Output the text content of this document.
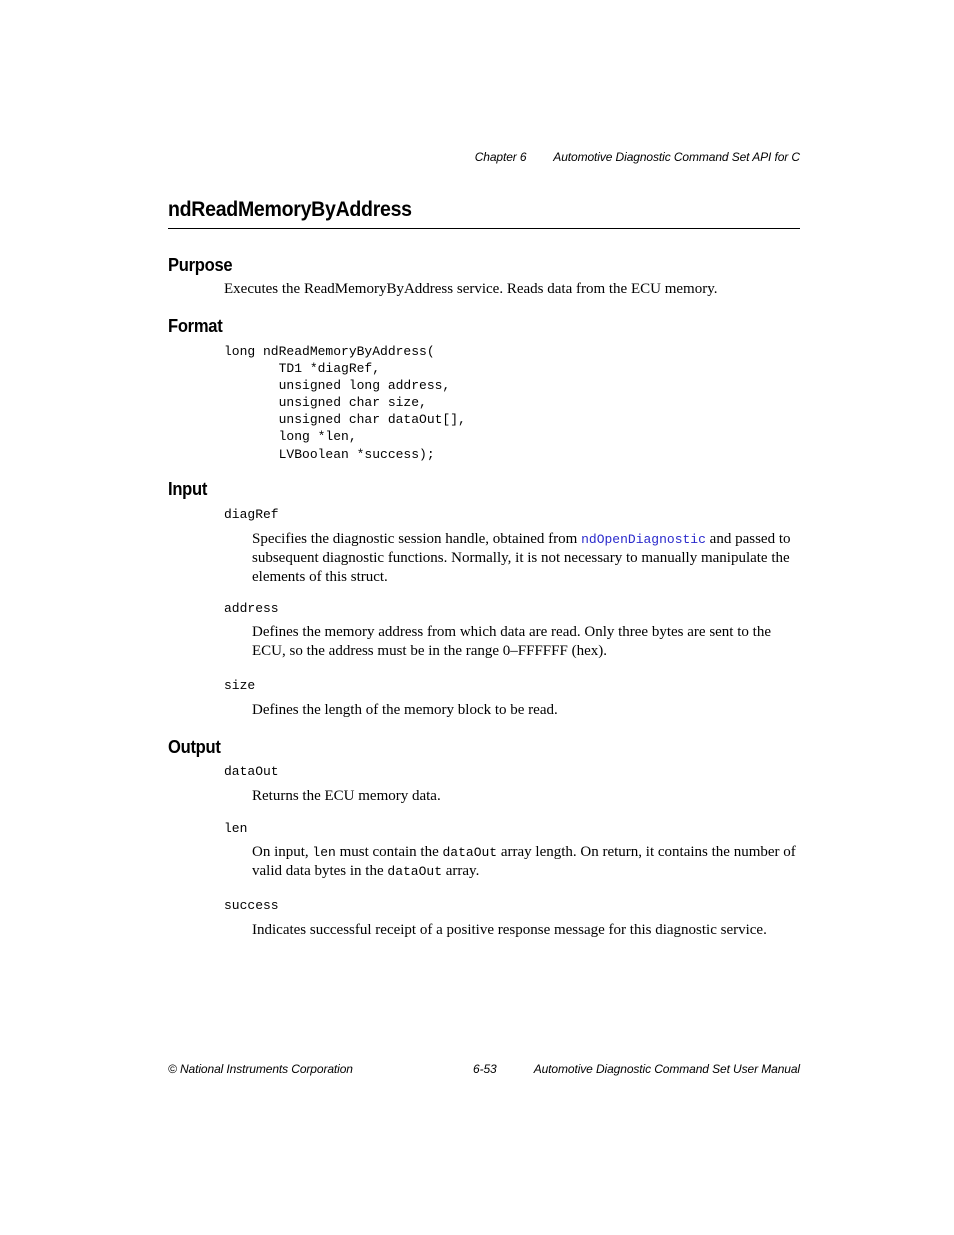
Chapter 6 Automotive Diagnostic Command Set API for C
ndReadMemoryByAddress
Purpose
Executes the ReadMemoryByAddress service. Reads data from the ECU memory.
Format
long ndReadMemoryByAddress(
TD1 *diagRef,
unsigned long address,
unsigned char size,
unsigned char dataOut[],
long *len,
LVBoolean *success);
Input
diagRef
Specifies the diagnostic session handle, obtained from ndOpenDiagnostic and passed to subsequent diagnostic functions. Normally, it is not necessary to manually manipulate the elements of this struct.
address
Defines the memory address from which data are read. Only three bytes are sent to the ECU, so the address must be in the range 0–FFFFFF (hex).
size
Defines the length of the memory block to be read.
Output
dataOut
Returns the ECU memory data.
len
On input, len must contain the dataOut array length. On return, it contains the number of valid data bytes in the dataOut array.
success
Indicates successful receipt of a positive response message for this diagnostic service.
© National Instruments Corporation	6-53	Automotive Diagnostic Command Set User Manual
